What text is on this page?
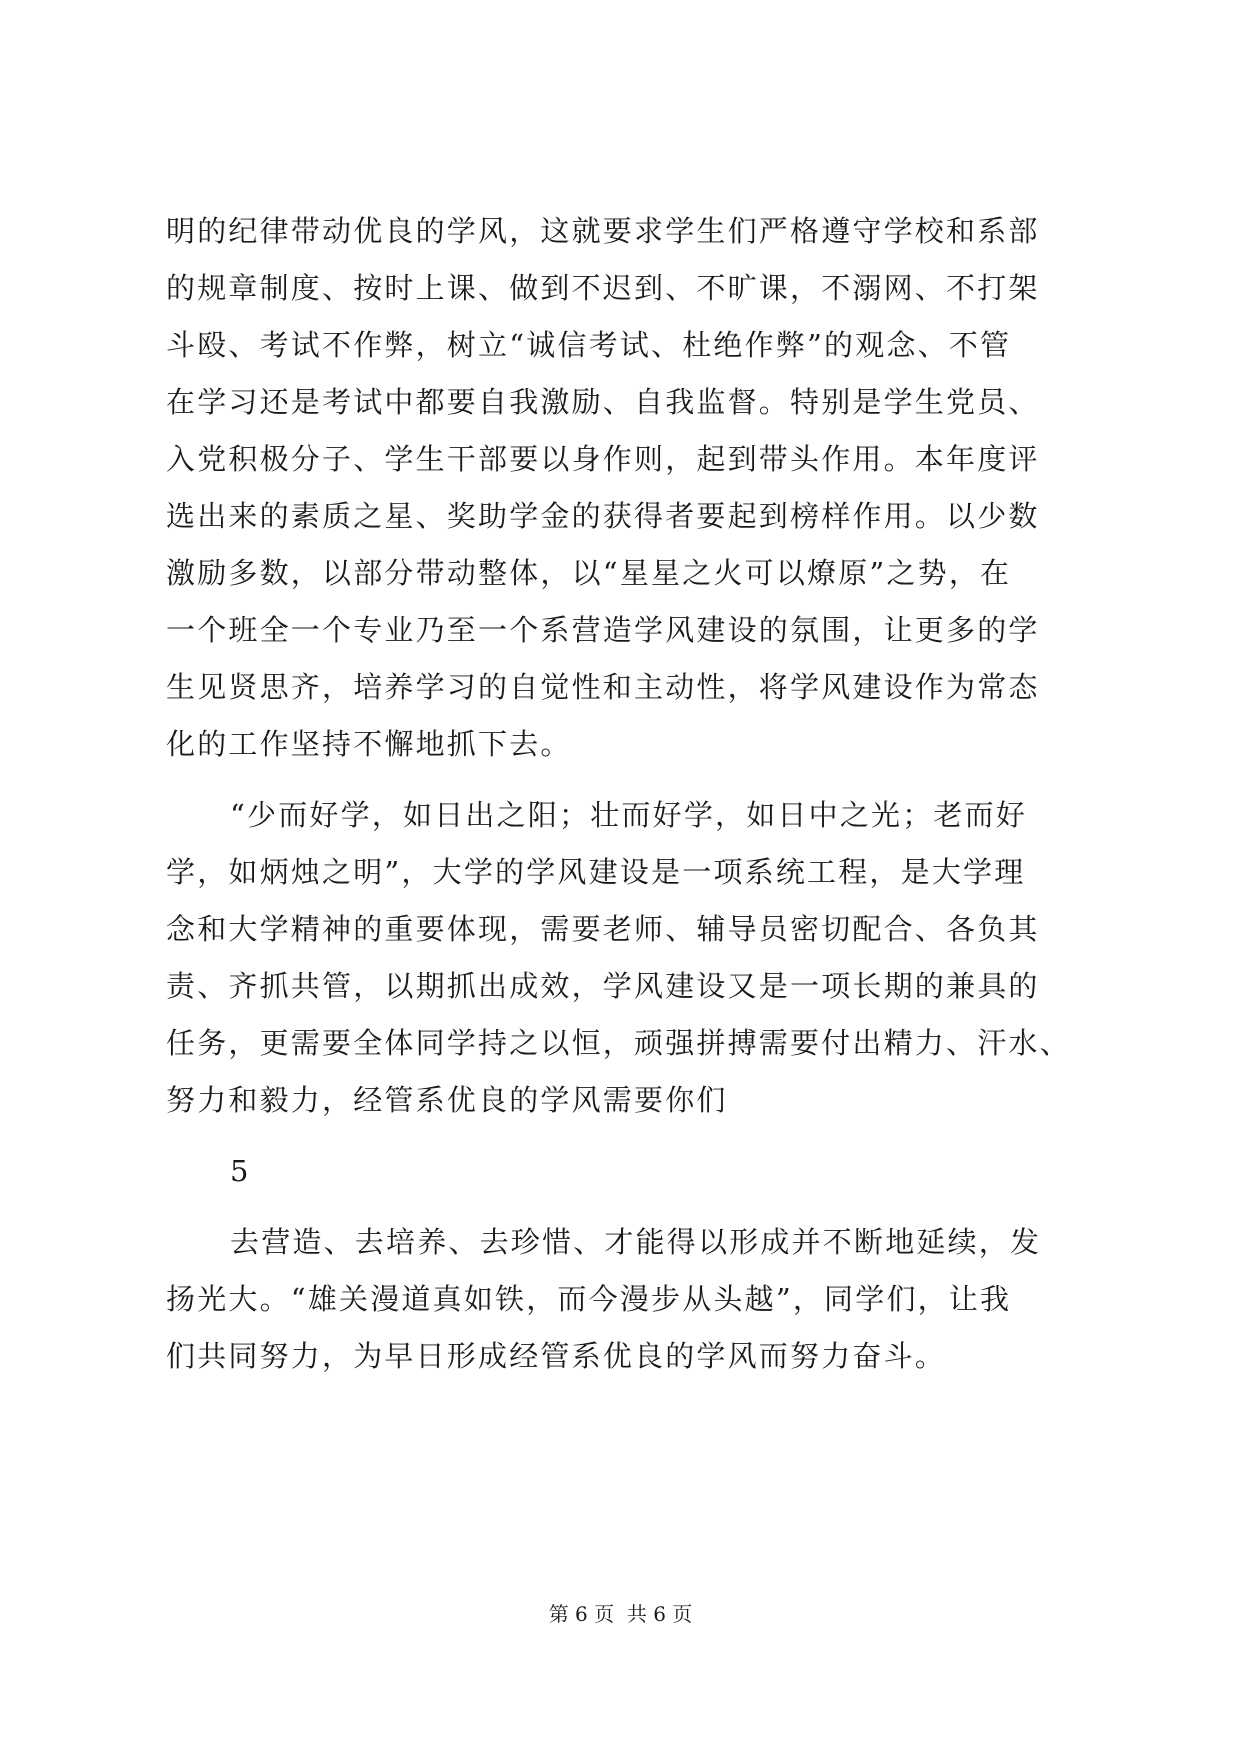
明的纪律带动优良的学风，这就要求学生们严格遵守学校和系部
的规章制度、按时上课、做到不迟到、不旷课，不溺网、不打架
斗殴、考试不作弊，树立“诚信考试、杜绝作弊”的观念、不管
在学习还是考试中都要自我激励、自我监督。特别是学生党员、
入党积极分子、学生干部要以身作则，起到带头作用。本年度评
选出来的素质之星、奖助学金的获得者要起到榜样作用。以少数
激励多数，以部分带动整体，以“星星之火可以燎原”之势，在
一个班全一个专业乃至一个系营造学风建设的氛围，让更多的学
生见贤思齐，培养学习的自觉性和主动性，将学风建设作为常态
化的工作坚持不懈地抓下去。
“少而好学，如日出之阳；壮而好学，如日中之光；老而好
学，如炳烛之明”，大学的学风建设是一项系统工程，是大学理
念和大学精神的重要体现，需要老师、辅导员密切配合、各负其
责、齐抓共管，以期抓出成效，学风建设又是一项长期的兼具的
任务，更需要全体同学持之以恒，顽强拼搏需要付出精力、汗水、
努力和毅力，经管系优良的学风需要你们
5
去营造、去培养、去珍惜、才能得以形成并不断地延续，发
扬光大。“雄关漫道真如铁，而今漫步从头越”，同学们，让我
们共同努力，为早日形成经管系优良的学风而努力奋斗。
第 6 页  共 6 页
